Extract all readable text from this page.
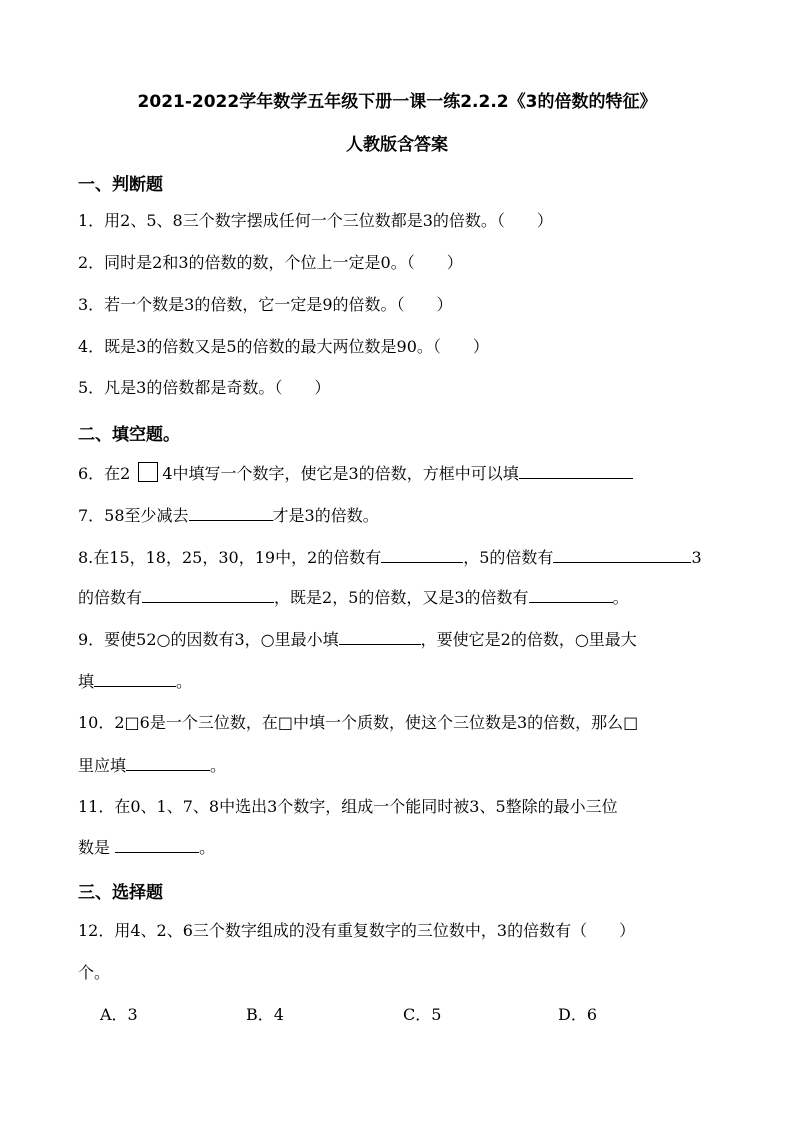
2021-2022学年数学五年级下册一课一练2.2.2《3的倍数的特征》
人教版含答案
一、判断题
1．用2、5、8三个数字摆成任何一个三位数都是3的倍数。（　　）
2．同时是2和3的倍数的数，个位上一定是0。（　　）
3．若一个数是3的倍数，它一定是9的倍数。（　　）
4．既是3的倍数又是5的倍数的最大两位数是90。（　　）
5．凡是3的倍数都是奇数。（　　）
二、填空题。
6．在2 4中填写一个数字，使它是3的倍数，方框中可以填
7．58至少减去	才是3的倍数。
8.在15，18，25，30，19中，2的倍数有	，5的倍数有	3
的倍数有	，既是2，5的倍数，又是3的倍数有	。
9．要使52○的因数有3，○里最小填	，要使它是2的倍数，○里最大
填	。
10．2□6是一个三位数，在□中填一个质数，使这个三位数是3的倍数，那么□
里应填	。
11．在0、1、7、8中选出3个数字，组成一个能同时被3、5整除的最小三位
数是	。
三、选择题
12．用4、2、6三个数字组成的没有重复数字的三位数中，3的倍数有（　　）
个。
A．3	B．4	C．5	D．6
